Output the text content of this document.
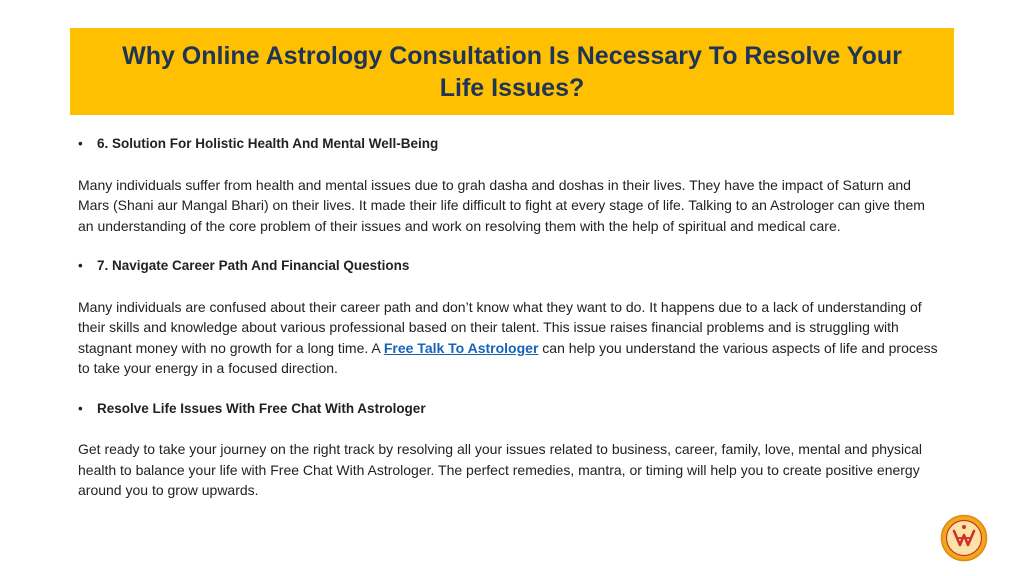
Why Online Astrology Consultation Is Necessary To Resolve Your Life Issues?
•	6. Solution For Holistic Health And Mental Well-Being

Many individuals suffer from health and mental issues due to grah dasha and doshas in their lives. They have the impact of Saturn and Mars (Shani aur Mangal Bhari) on their lives. It made their life difficult to fight at every stage of life. Talking to an Astrologer can give them an understanding of the core problem of their issues and work on resolving them with the help of spiritual and medical care.

•	7. Navigate Career Path And Financial Questions

Many individuals are confused about their career path and don’t know what they want to do. It happens due to a lack of understanding of their skills and knowledge about various professional based on their talent. This issue raises financial problems and is struggling with stagnant money with no growth for a long time. A Free Talk To Astrologer can help you understand the various aspects of life and process to take your energy in a focused direction.

•	Resolve Life Issues With Free Chat With Astrologer

Get ready to take your journey on the right track by resolving all your issues related to business, career, family, love, mental and physical health to balance your life with Free Chat With Astrologer. The perfect remedies, mantra, or timing will help you to create positive energy around you to grow upwards.
